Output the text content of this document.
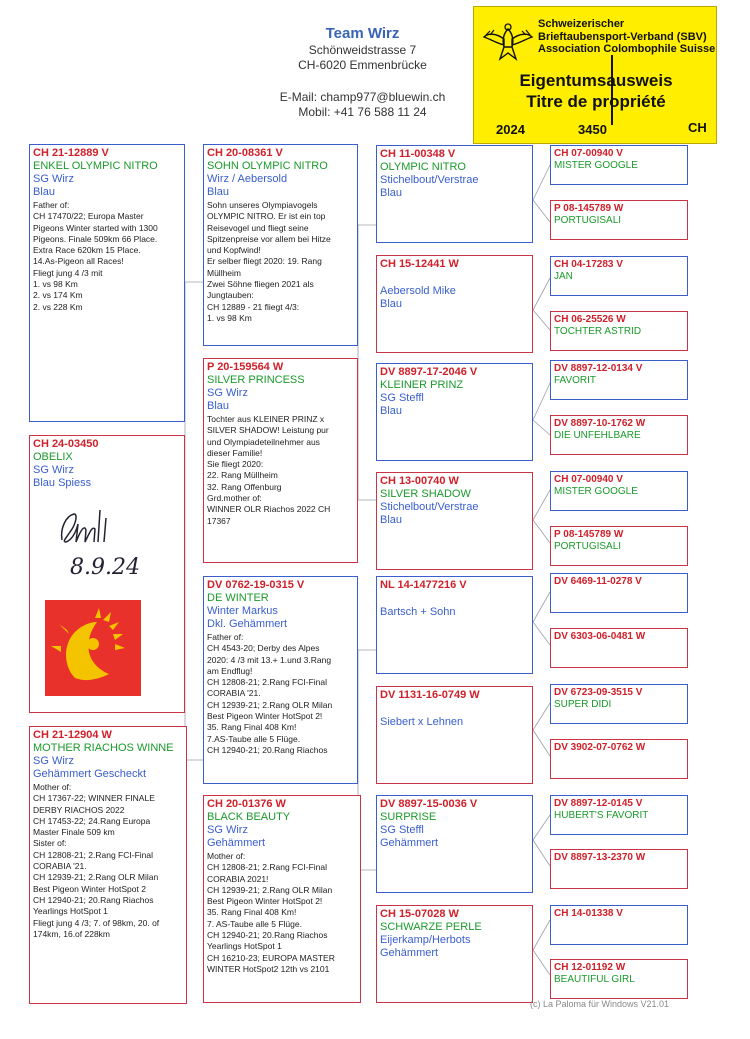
Team Wirz
Schönweidstrasse 7
CH-6020 Emmenbrücke
E-Mail: champ977@bluewin.ch
Mobil: +41 76 588 11 24
Schweizerischer
Brieftaubensport-Verband (SBV)
Association Colombophile Suisse
Eigentumsausweis
Titre de propriété
2024	3450	CH
CH 21-12889 V
ENKEL OLYMPIC NITRO
SG Wirz
Blau
Father of:
CH 17470/22; Europa Master
Pigeons Winter started with 1300
Pigeons. Finale 509km 66 Place.
Extra Race 620km 15 Place.
14.As-Pigeon all Races!
Fliegt jung 4 /3 mit
1. vs 98 Km
2. vs 174 Km
2. vs 228 Km
CH 24-03450
OBELIX
SG Wirz
Blau Spiess
8.9.24
CH 21-12904 W
MOTHER RIACHOS WINNE
SG Wirz
Gehämmert Gescheckt
Mother of:
CH 17367-22; WINNER FINALE
DERBY RIACHOS 2022
CH 17453-22; 24.Rang Europa
Master Finale 509 km
Sister of:
CH 12808-21; 2.Rang FCI-Final
CORABIA '21.
CH 12939-21; 2.Rang OLR Milan
Best Pigeon Winter HotSpot 2
CH 12940-21; 20.Rang Riachos
Yearlings HotSpot 1
Fliegt jung 4 /3; 7. of 98km, 20. of
174km, 16.of 228km
CH 20-08361 V
SOHN OLYMPIC NITRO
Wirz / Aebersold
Blau
Sohn unseres Olympiavogels
OLYMPIC NITRO. Er ist ein top
Reisevogel und fliegt seine
Spitzenpreise vor allem bei Hitze
und Kopfwind!
Er selber fliegt 2020: 19. Rang
Müllheim
Zwei Söhne fliegen 2021 als
Jungtauben:
CH 12889 - 21 fliegt 4/3:
1. vs 98 Km
P 20-159564 W
SILVER PRINCESS
SG Wirz
Blau
Tochter aus KLEINER PRINZ x
SILVER SHADOW! Leistung pur
und Olympiadeteilnehmer aus
dieser Familie!
Sie fliegt 2020:
22. Rang Müllheim
32. Rang Offenburg
Grd.mother of:
WINNER OLR Riachos 2022 CH
17367
DV 0762-19-0315 V
DE WINTER
Winter Markus
Dkl. Gehämmert
Father of:
CH 4543-20; Derby des Alpes
2020: 4 /3 mit 13.+ 1.und 3.Rang
am Endflug!
CH 12808-21; 2.Rang FCI-Final
CORABIA '21.
CH 12939-21; 2.Rang OLR Milan
Best Pigeon Winter HotSpot 2!
35. Rang Final 408 Km!
7.AS-Taube alle 5 Flüge.
CH 12940-21; 20.Rang Riachos
CH 20-01376 W
BLACK BEAUTY
SG Wirz
Gehämmert
Mother of:
CH 12808-21; 2.Rang FCI-Final
CORABIA 2021!
CH 12939-21; 2.Rang OLR Milan
Best Pigeon Winter HotSpot 2!
35. Rang Final 408 Km!
7. AS-Taube alle 5 Flüge.
CH 12940-21; 20.Rang Riachos
Yearlings HotSpot 1
CH 16210-23; EUROPA MASTER
WINTER HotSpot2 12th vs 2101
CH 11-00348 V
OLYMPIC NITRO
Stichelbout/Verstrae
Blau
CH 15-12441 W
Aebersold Mike
Blau
DV 8897-17-2046 V
KLEINER PRINZ
SG Steffl
Blau
CH 13-00740 W
SILVER SHADOW
Stichelbout/Verstrae
Blau
NL 14-1477216 V
Bartsch + Sohn
DV 1131-16-0749 W
Siebert x Lehnen
DV 8897-15-0036 V
SURPRISE
SG Steffl
Gehämmert
CH 15-07028 W
SCHWARZE PERLE
Eijerkamp/Herbots
Gehämmert
CH 07-00940 V
MISTER GOOGLE
P 08-145789 W
PORTUGISALI
CH 04-17283 V
JAN
CH 06-25526 W
TOCHTER ASTRID
DV 8897-12-0134 V
FAVORIT
DV 8897-10-1762 W
DIE UNFEHLBARE
CH 07-00940 V
MISTER GOOGLE
P 08-145789 W
PORTUGISALI
DV 6469-11-0278 V
DV 6303-06-0481 W
DV 6723-09-3515 V
SUPER DIDI
DV 3902-07-0762 W
DV 8897-12-0145 V
HUBERT'S FAVORIT
DV 8897-13-2370 W
CH 14-01338 V
CH 12-01192 W
BEAUTIFUL GIRL
(c) La Paloma für Windows V21.01
